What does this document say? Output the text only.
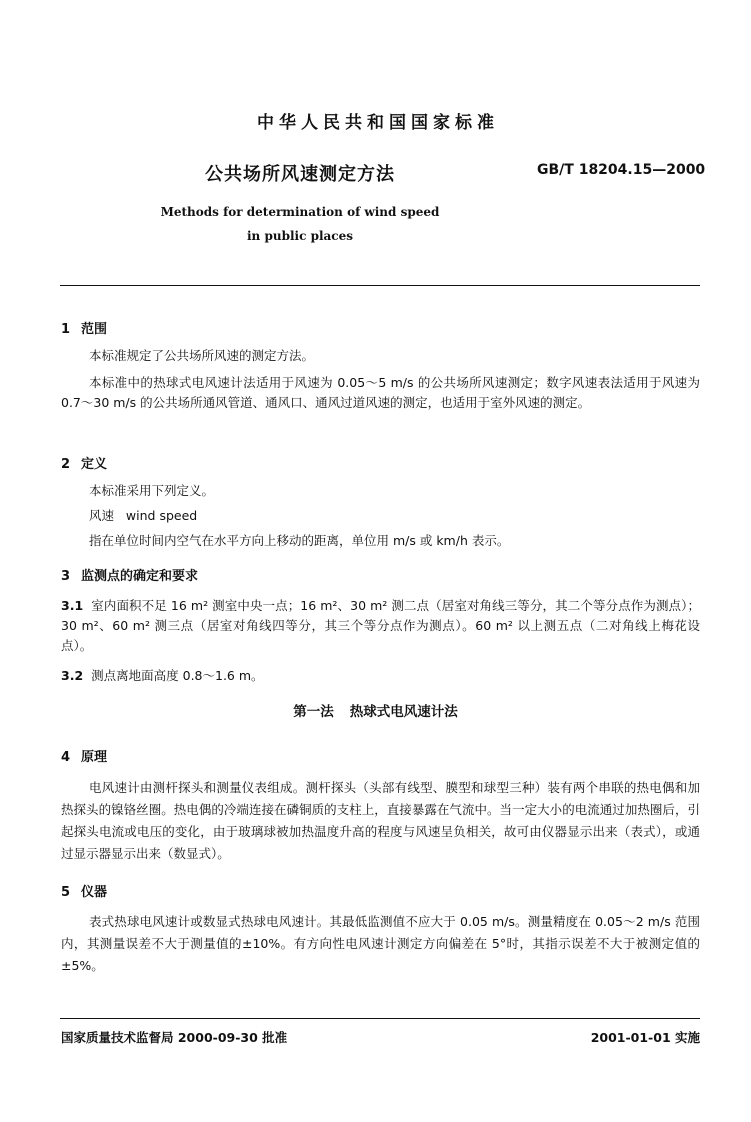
中华人民共和国国家标准
公共场所风速测定方法	GB/T 18204.15—2000
Methods for determination of wind speed
in public places
1 范围
本标准规定了公共场所风速的测定方法。
本标准中的热球式电风速计法适用于风速为 0.05～5 m/s 的公共场所风速测定；数字风速表法适用于风速为 0.7～30 m/s 的公共场所通风管道、通风口、通风过道风速的测定，也适用于室外风速的测定。
2 定义
本标准采用下列定义。
风速   wind speed
指在单位时间内空气在水平方向上移动的距离，单位用 m/s 或 km/h 表示。
3 监测点的确定和要求
3.1 室内面积不足 16 m² 测室中央一点；16 m²、30 m² 测二点（居室对角线三等分，其二个等分点作为测点）；30 m²、60 m² 测三点（居室对角线四等分，其三个等分点作为测点）。60 m² 以上测五点（二对角线上梅花设点）。
3.2 测点离地面高度 0.8～1.6 m。
第一法 热球式电风速计法
4 原理
电风速计由测杆探头和测量仪表组成。测杆探头（头部有线型、膜型和球型三种）装有两个串联的热电偶和加热探头的镍铬丝圈。热电偶的冷端连接在磷铜质的支柱上，直接暴露在气流中。当一定大小的电流通过加热圈后，引起探头电流或电压的变化，由于玻璃球被加热温度升高的程度与风速呈负相关，故可由仪器显示出来（表式），或通过显示器显示出来（数显式）。
5 仪器
表式热球电风速计或数显式热球电风速计。其最低监测值不应大于 0.05 m/s。测量精度在 0.05～2 m/s 范围内，其测量误差不大于测量值的±10%。有方向性电风速计测定方向偏差在 5°时，其指示误差不大于被测定值的±5%。
国家质量技术监督局 2000-09-30 批准	2001-01-01 实施
